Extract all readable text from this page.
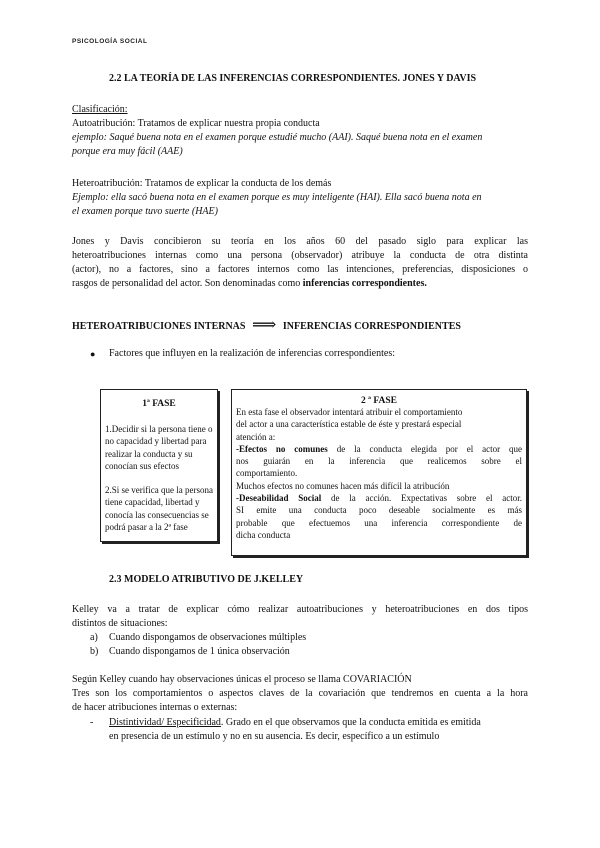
PSICOLOGÍA SOCIAL
2.2 LA TEORÍA DE LAS INFERENCIAS CORRESPONDIENTES. JONES Y DAVIS
Clasificación:
Autoatribución: Tratamos de explicar nuestra propia conducta
ejemplo: Saqué buena nota en el examen porque estudié mucho (AAI). Saqué buena nota en el examen
porque era muy fácil (AAE)
Heteroatribución: Tratamos de explicar la conducta de los demás
Ejemplo: ella sacó buena nota en el examen porque es muy inteligente (HAI). Ella sacó buena nota en
el examen porque tuvo suerte (HAE)
Jones y Davis concibieron su teoría en los años 60 del pasado siglo para explicar las
heteroatribuciones internas como una persona (observador) atribuye la conducta de otra distinta
(actor), no a factores, sino a factores internos como las intenciones, preferencias, disposiciones o
rasgos de personalidad del actor. Son denominadas como inferencias correspondientes.
HETEROATRIBUCIONES INTERNAS ⟹ INFERENCIAS CORRESPONDIENTES
● Factores que influyen en la realización de inferencias correspondientes:
1ª FASE
1.Decidir si la persona tiene o
no capacidad y libertad para
realizar la conducta y su
conocían sus efectos
2.Si se verifica que la persona
tiene capacidad, libertad y
conocía las consecuencias se
podrá pasar a la 2ª fase
2 ª FASE
En esta fase el observador intentará atribuir el comportamiento
del actor a una característica estable de éste y prestará especial
atención a:
-Efectos no comunes de la conducta elegida por el actor que
nos guiarán en la inferencia que realicemos sobre el
comportamiento.
Muchos efectos no comunes hacen más difícil la atribucíón
-Deseabilidad Social de la acción. Expectativas sobre el actor.
SI emite una conducta poco deseable socialmente es más
probable que efectuemos una inferencia correspondiente de
dicha conducta
2.3 MODELO ATRIBUTIVO DE J.KELLEY
Kelley va a tratar de explicar cómo realizar autoatribuciones y heteroatribuciones en dos tipos
distintos de situaciones:
a) Cuando dispongamos de observaciones múltiples
b) Cuando dispongamos de 1 única observación
Según Kelley cuando hay observaciones únicas el proceso se llama COVARIACIÓN
Tres son los comportamientos o aspectos claves de la covariación que tendremos en cuenta a la hora
de hacer atribuciones internas o externas:
- Distintividad/ Especificidad. Grado en el que observamos que la conducta emitida es emitida
en presencia de un estímulo y no en su ausencia. Es decir, específico a un estímulo
